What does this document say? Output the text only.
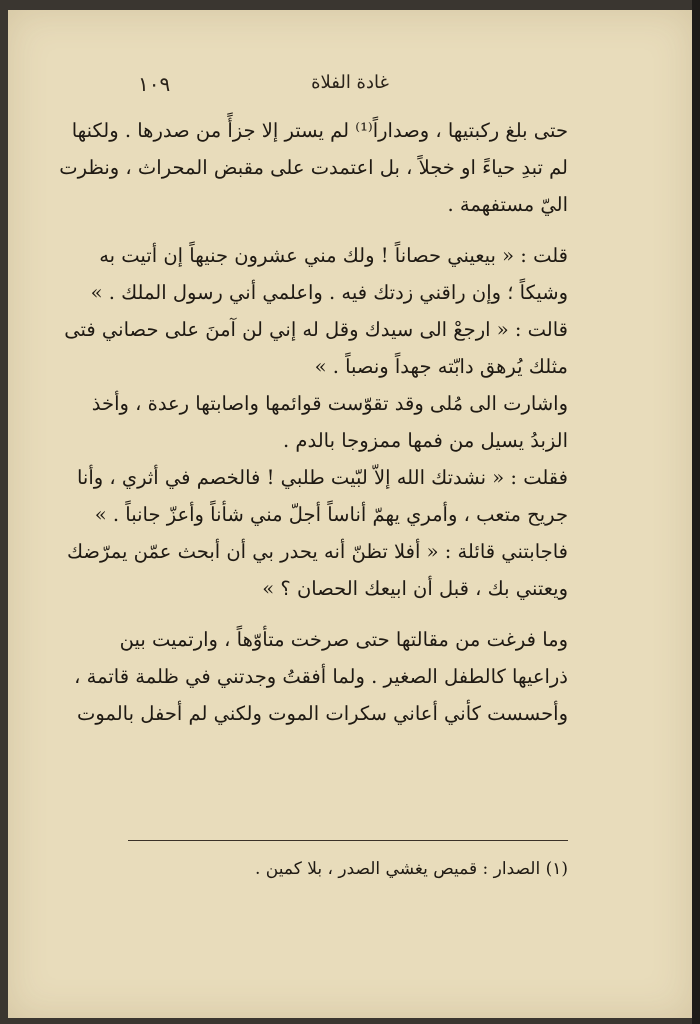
غادة الفلاة
١٠٩
حتى بلغ ركبتيها ، وصداراً⁽¹⁾ لم يستر إلا جزأً من صدرها . ولكنها
لم تبدِ حياءً او خجلاً ، بل اعتمدت على مقبض المحراث ، ونظرت
اليّ مستفهمة .
قلت : « بيعيني حصاناً ! ولك مني عشرون جنيهاً إن أتيت به
وشيكاً ؛ وإن راقني زدتك فيه . واعلمي أني رسول الملك . »
قالت : « ارجعْ الى سيدك وقل له إني لن آمنَ على حصاني فتى
مثلك يُرهق دابّته جهداً ونصباً . »
واشارت الى مُلى وقد تقوّست قوائمها واصابتها رعدة ، وأخذ
الزبدُ يسيل من فمها ممزوجا بالدم .
فقلت : « نشدتك الله إلاّ لبّيت طلبي ! فالخصم في أثري ، وأنا
جريح متعب ، وأمري يهمّ أناساً أجلّ مني شأناً وأعزّ جانباً . »
فاجابتني قائلة : « أفلا تظنّ أنه يحدر بي أن أبحث عمّن يمرّضك
ويعتني بك ، قبل أن ابيعك الحصان ؟ »
وما فرغت من مقالتها حتى صرخت متأوّهاً ، وارتميت بين
ذراعيها كالطفل الصغير . ولما أفقتُ وجدتني في ظلمة قاتمة ،
وأحسست كأني أعاني سكرات الموت ولكني لم أحفل بالموت
(١) الصدار : قميص يغشي الصدر ، بلا كمين .
